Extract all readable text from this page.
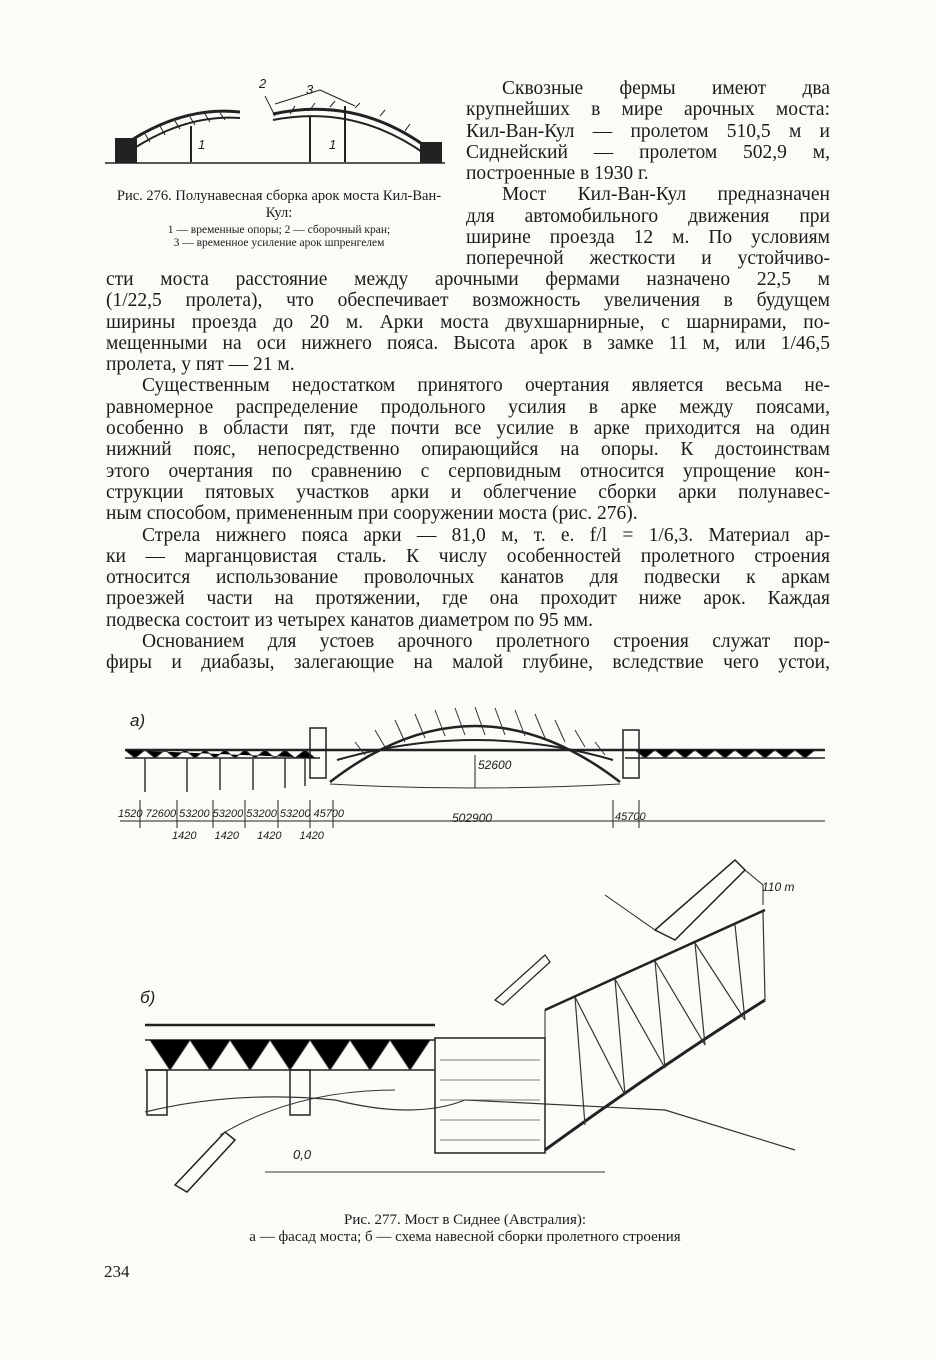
2	3
1	1
Рис. 276. Полунавесная сборка арок моста Кил-Ван-Кул:
1 — временные опоры; 2 — сборочный кран;
3 — временное усиление арок шпренгелем
Сквозные фермы имеют два
крупнейших в мире арочных моста:
Кил-Ван-Кул — пролетом 510,5 м и
Сиднейский — пролетом 502,9 м,
построенные в 1930 г.
Мост Кил-Ван-Кул предназначен
для автомобильного движения при
ширине проезда 12 м. По условиям
поперечной жесткости и устойчиво-
сти моста расстояние между арочными фермами назначено 22,5 м
(1/22,5 пролета), что обеспечивает возможность увеличения в будущем
ширины проезда до 20 м. Арки моста двухшарнирные, с шарнирами, по-
мещенными на оси нижнего пояса. Высота арок в замке 11 м, или 1/46,5
пролета, у пят — 21 м.
Существенным недостатком принятого очертания является весьма не-
равномерное распределение продольного усилия в арке между поясами,
особенно в области пят, где почти все усилие в арке приходится на один
нижний пояс, непосредственно опирающийся на опоры. К достоинствам
этого очертания по сравнению с серповидным относится упрощение кон-
струкции пятовых участков арки и облегчение сборки арки полунавес-
ным способом, примененным при сооружении моста (рис. 276).
Стрела нижнего пояса арки — 81,0 м, т. е. f/l = 1/6,3. Материал ар-
ки — марганцовистая сталь. К числу особенностей пролетного строения
относится использование проволочных канатов для подвески к аркам
проезжей части на протяжении, где она проходит ниже арок. Каждая
подвеска состоит из четырех канатов диаметром по 95 мм.
Основанием для устоев арочного пролетного строения служат пор-
фиры и диабазы, залегающие на малой глубине, вследствие чего устои,
а)
52600
1520 72600 53200 53200 53200 53200 45700	502900	45700
1420 1420 1420 1420
б)
110 т
0,0
Рис. 277. Мост в Сиднее (Австралия):
а — фасад моста; б — схема навесной сборки пролетного строения
234
